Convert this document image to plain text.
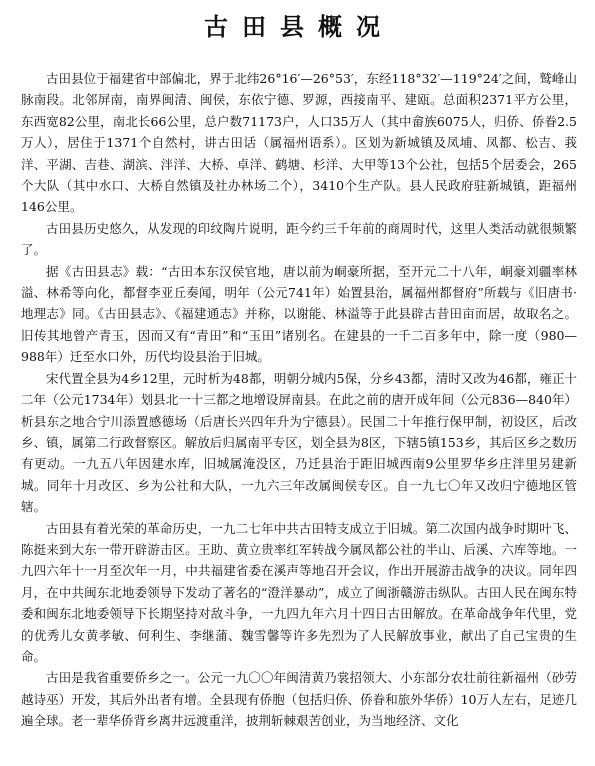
古田县概况

古田县位于福建省中部偏北，界于北纬26°16′—26°53′，东经118°32′—119°24′之间，鹫峰山脉南段。北邻屏南，南界闽清、闽侯，东依宁德、罗源，西接南平、建瓯。总面积2371平方公里，东西宽82公里，南北长66公里，总户数71173户，人口35万人（其中畲族6075人，归侨、侨眷2.5万人），居住于1371个自然村，讲古田话（属福州语系）。区划为新城镇及凤埔、凤都、松吉、莪洋、平湖、吉巷、湖滨、泮洋、大桥、卓洋、鹤塘、杉洋、大甲等13个公社，包括5个居委会，265个大队（其中水口、大桥自然镇及社办林场二个），3410个生产队。县人民政府驻新城镇，距福州146公里。

古田县历史悠久，从发现的印纹陶片说明，距今约三千年前的商周时代，这里人类活动就很频繁了。

据《古田县志》载：“古田本东汉侯官地，唐以前为峒豪所据，至开元二十八年，峒豪刘疆率林溢、林希等向化，都督李亚丘奏闻，明年（公元741年）始置县治，属福州都督府”所载与《旧唐书·地理志》同。《古田县志》、《福建通志》并称，以谢能、林溢等于此县辟古昔田亩而居，故取名之。旧传其地曾产青玉，因而又有“青田”和“玉田”诸别名。在建县的一千二百多年中，除一度（980—988年）迁至水口外，历代均设县治于旧城。

宋代置全县为4乡12里，元时析为48都，明朝分城内5保，分乡43都，清时又改为46都，雍正十二年（公元1734年）划县北一十三都之地增设屏南县。在此之前的唐开成年间（公元836—840年）析县东之地合宁川添置感德场（后唐长兴四年升为宁德县）。民国二十年推行保甲制，初设区，后改乡、镇，属第二行政督察区。解放后归属南平专区，划全县为8区，下辖5镇153乡，其后区乡之数历有更动。一九五八年因建水库，旧城属淹没区，乃迁县治于距旧城西南9公里罗华乡庄泮里另建新城。同年十月改区、乡为公社和大队，一九六三年改属闽侯专区。自一九七〇年又改归宁德地区管辖。

古田县有着光荣的革命历史，一九二七年中共古田特支成立于旧城。第二次国内战争时期叶飞、陈挺来到大东一带开辟游击区。王助、黄立贵率红军转战今属凤都公社的半山、后溪、六库等地。一九四六年十一月至次年一月，中共福建省委在溪声等地召开会议，作出开展游击战争的决议。同年四月，在中共闽东北地委领导下发动了著名的“澄洋暴动”，成立了闽浙赣游击纵队。古田人民在闽东特委和闽东北地委领导下长期坚持对敌斗争，一九四九年六月十四日古田解放。在革命战争年代里，党的优秀儿女黄孝敏、何利生、李继蒲、魏雪馨等许多先烈为了人民解放事业，献出了自己宝贵的生命。

古田是我省重要侨乡之一。公元一九〇〇年闽清黄乃裳招领大、小东部分农壮前往新福州（砂劳越诗巫）开发，其后外出者有增。全县现有侨胞（包括归侨、侨眷和旅外华侨）10万人左右，足迹几遍全球。老一辈华侨背乡离井远渡重洋，披荆斩棘艰苦创业，为当地经济、文化
